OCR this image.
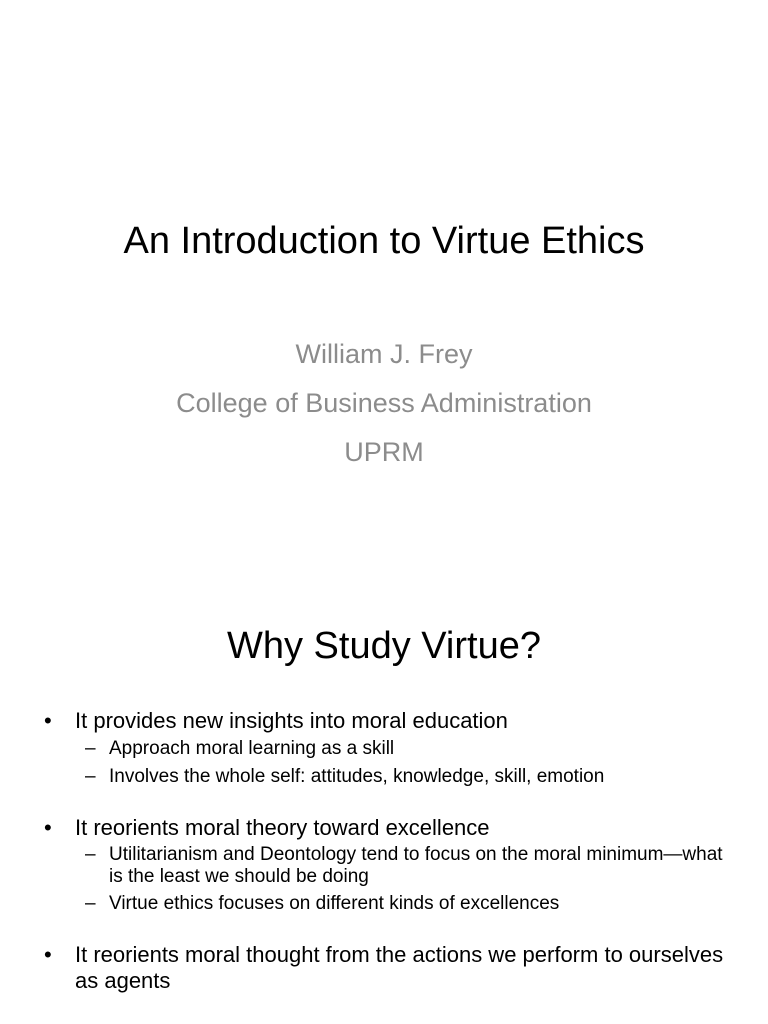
An Introduction to Virtue Ethics
William J. Frey
College of Business Administration
UPRM
Why Study Virtue?
• It provides new insights into moral education
– Approach moral learning as a skill
– Involves the whole self: attitudes, knowledge, skill, emotion
• It reorients moral theory toward excellence
– Utilitarianism and Deontology tend to focus on the moral minimum—what is the least we should be doing
– Virtue ethics focuses on different kinds of excellences
• It reorients moral thought from the actions we perform to ourselves as agents
